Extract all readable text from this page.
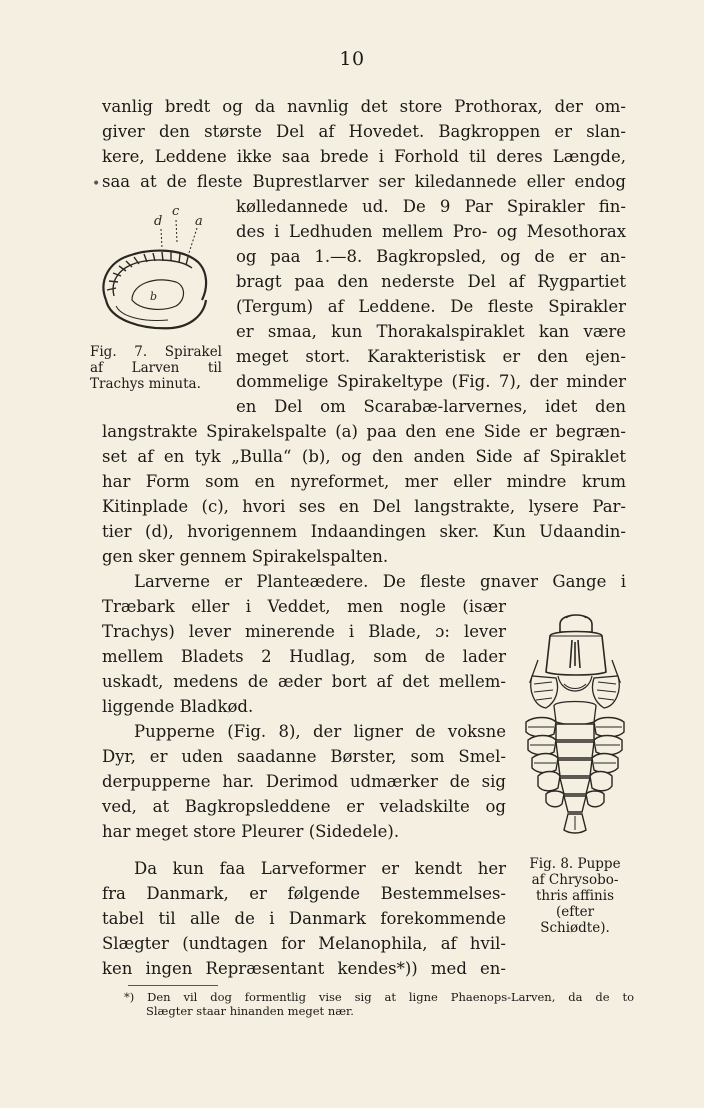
10
vanlig bredt og da navnlig det store Prothorax, der om-
giver den største Del af Hovedet. Bagkroppen er slan-
kere, Leddene ikke saa brede i Forhold til deres Længde,
saa at de fleste Buprestlarver ser kiledannede eller endog
•
d
c
a
b
Fig. 7. Spirakel
af Larven til
Trachys minuta.
kølledannede ud. De 9 Par Spirakler fin-
des i Ledhuden mellem Pro- og Mesothorax
og paa 1.—8. Bagkropsled, og de er an-
bragt paa den nederste Del af Rygpartiet
(Tergum) af Leddene. De fleste Spirakler
er smaa, kun Thorakalspiraklet kan være
meget stort. Karakteristisk er den ejen-
dommelige Spirakeltype (Fig. 7), der minder
en Del om Scarabæ-larvernes, idet den
langstrakte Spirakelspalte (a) paa den ene Side er begræn-
set af en tyk „Bulla“ (b), og den anden Side af Spiraklet
har Form som en nyreformet, mer eller mindre krum
Kitinplade (c), hvori ses en Del langstrakte, lysere Par-
tier (d), hvorigennem Indaandingen sker. Kun Udaandin-
gen sker gennem Spirakelspalten.
Larverne er Planteædere. De fleste gnaver Gange i
Fig. 8. Puppe
af Chrysobo-
thris affinis
(efter
Schiødte).
Træbark eller i Veddet, men nogle (især
Trachys) lever minerende i Blade, ɔ: lever
mellem Bladets 2 Hudlag, som de lader
uskadt, medens de æder bort af det mellem-
liggende Bladkød.
Pupperne (Fig. 8), der ligner de voksne
Dyr, er uden saadanne Børster, som Smel-
derpupperne har. Derimod udmærker de sig
ved, at Bagkropsleddene er veladskilte og
har meget store Pleurer (Sidedele).
Da kun faa Larveformer er kendt her
fra Danmark, er følgende Bestemmelses-
tabel til alle de i Danmark forekommende
Slægter (undtagen for Melanophila, af hvil-
ken ingen Repræsentant kendes*)) med en-
*) Den vil dog formentlig vise sig at ligne Phaenops-Larven, da de to
Slægter staar hinanden meget nær.
